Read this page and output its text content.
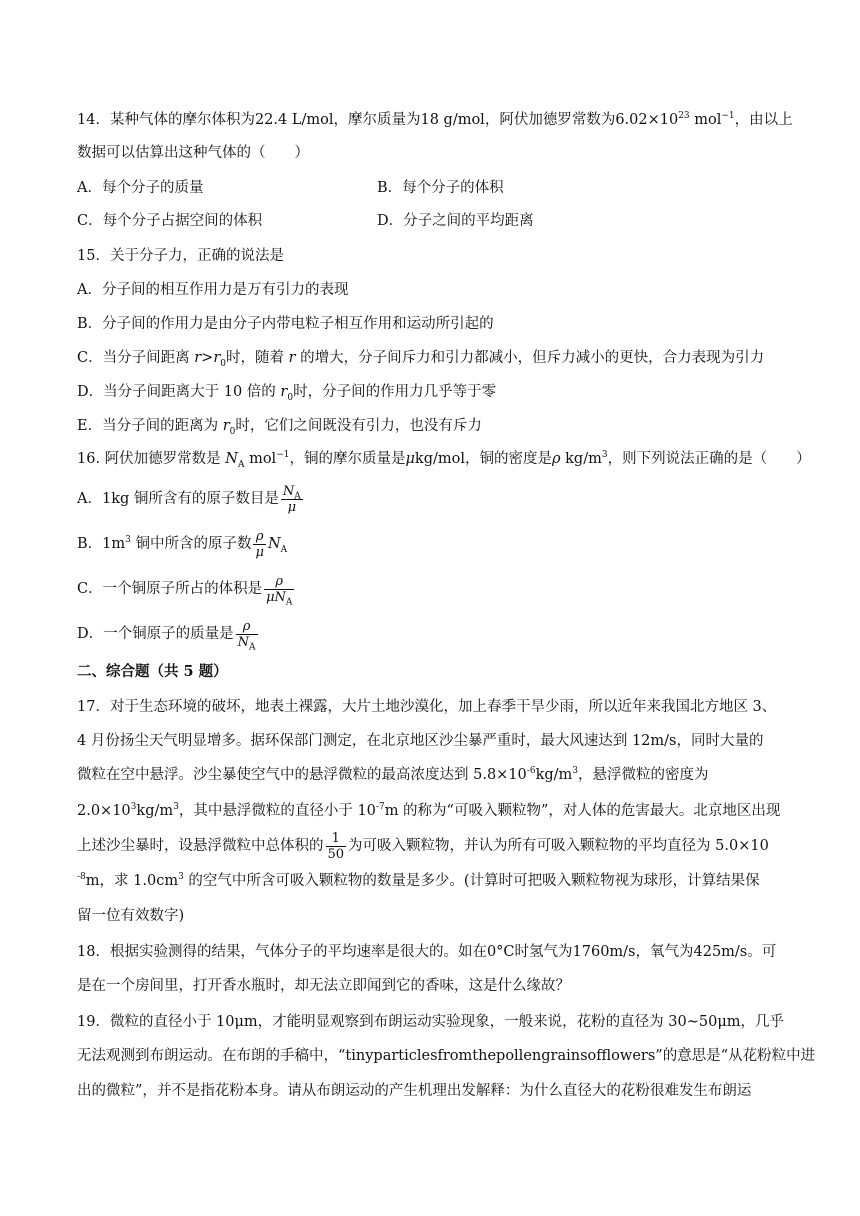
14．某种气体的摩尔体积为22.4 L/mol，摩尔质量为18 g/mol，阿伏加德罗常数为$6.02\times 10^{23}$ mol$^{-1}$，由以上
数据可以估算出这种气体的（　　）
A．每个分子的质量	B．每个分子的体积
C．每个分子占据空间的体积	D．分子之间的平均距离
15．关于分子力，正确的说法是
A．分子间的相互作用力是万有引力的表现
B．分子间的作用力是由分子内带电粒子相互作用和运动所引起的
C．当分子间距离 $r>r_0$时，随着 r 的增大，分子间斥力和引力都减小，但斥力减小的更快，合力表现为引力
D．当分子间距离大于 10 倍的 $r_0$时，分子间的作用力几乎等于零
E．当分子间的距离为 $r_0$时，它们之间既没有引力，也没有斥力
16. 阿伏加德罗常数是 $N_A$ mol$^{-1}$，铜的摩尔质量是μkg/mol，铜的密度是ρ $kg/m^3$，则下列说法正确的是（　　）
A．1kg 铜所含有的原子数目是 $\frac{N_A}{\mu}$
B．$1m^3$ 铜中所含的原子数 $\frac{\rho}{\mu} N_A$
C．一个铜原子所占的体积是 $\frac{\rho}{\mu N_A}$
D．一个铜原子的质量是 $\frac{\rho}{N_A}$
二、综合题（共 5 题）
17．对于生态环境的破坏，地表土裸露，大片土地沙漠化，加上春季干旱少雨，所以近年来我国北方地区 3、
4 月份扬尘天气明显增多。据环保部门测定，在北京地区沙尘暴严重时，最大风速达到 12m/s，同时大量的
微粒在空中悬浮。沙尘暴使空气中的悬浮微粒的最高浓度达到 $5.8\times 10^{-6}kg/m^3$，悬浮微粒的密度为
$2.0\times 10^3kg/m^3$，其中悬浮微粒的直径小于 $10^{-7}m$ 的称为“可吸入颗粒物”，对人体的危害最大。北京地区出现
上述沙尘暴时，设悬浮微粒中总体积的 $\frac{1}{50}$ 为可吸入颗粒物，并认为所有可吸入颗粒物的平均直径为 5.0×10
$^{-8}$m，求 $1.0cm^3$ 的空气中所含可吸入颗粒物的数量是多少。(计算时可把吸入颗粒物视为球形，计算结果保
留一位有效数字)
18．根据实验测得的结果，气体分子的平均速率是很大的。如在0°C时氢气为1760m/s，氧气为425m/s。可
是在一个房间里，打开香水瓶时，却无法立即闻到它的香味，这是什么缘故？
19．微粒的直径小于 10μm，才能明显观察到布朗运动实验现象，一般来说，花粉的直径为 30~50μm，几乎
无法观测到布朗运动。在布朗的手稿中，“tinyparticlesfromthepollengrainsofflowers”的意思是“从花粉粒中进
出的微粒”，并不是指花粉本身。请从布朗运动的产生机理出发解释：为什么直径大的花粉很难发生布朗运
